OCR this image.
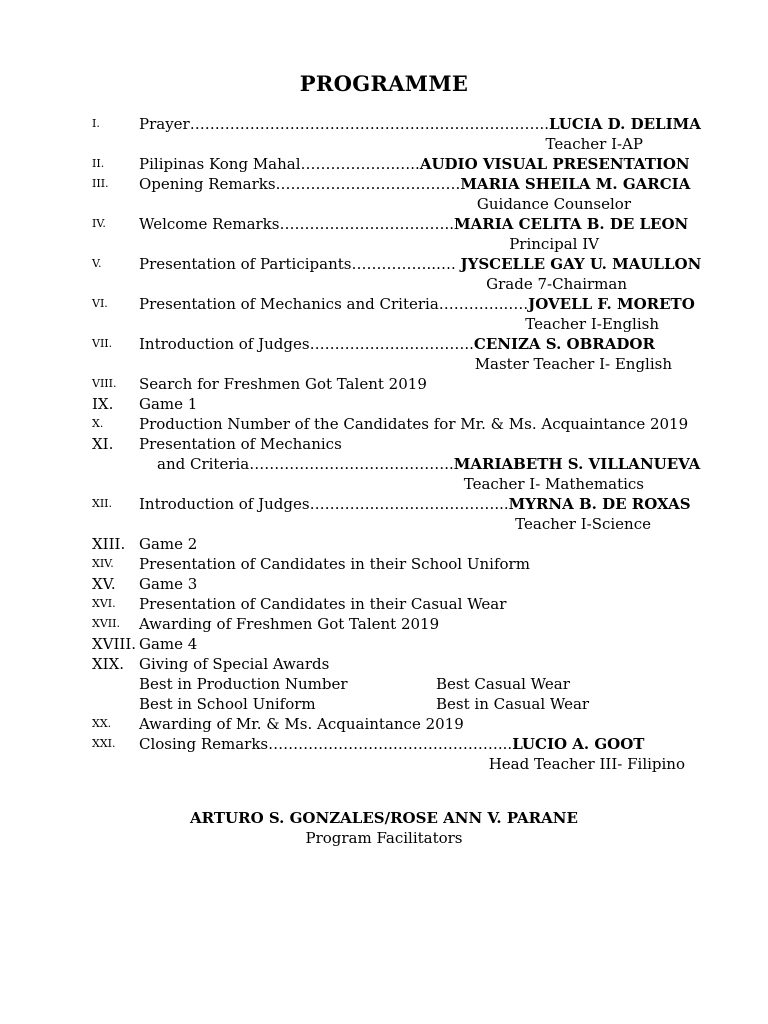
PROGRAMME
I.	Prayer………………………………………….…………………..LUCIA D. DELIMA
Teacher I-AP
II. Pilipinas Kong Mahal……………….…..AUDIO VISUAL PRESENTATION
III. Opening Remarks……………………………….MARIA SHEILA M. GARCIA
Guidance Counselor
IV. Welcome Remarks……………………………..MARIA CELITA B. DE LEON
Principal IV
V. Presentation of Participants……………..…. JYSCELLE GAY U. MAULLON
Grade 7-Chairman
VI. Presentation of Mechanics and Criteria…………..….JOVELL F. MORETO
Teacher I-English
VII. Introduction of Judges……………….…………..CENIZA S. OBRADOR
Master Teacher I- English
VIII. Search for Freshmen Got Talent 2019
IX. Game 1
X. Production Number of the Candidates for Mr. & Ms. Acquaintance 2019
XI. Presentation of Mechanics
and Criteria…………………………………..MARIABETH S. VILLANUEVA
Teacher I- Mathematics
XII. Introduction of Judges………….……………………...MYRNA B. DE ROXAS
Teacher I-Science
XIII. Game 2
XIV. Presentation of Candidates in their School Uniform
XV. Game 3
XVI. Presentation of Candidates in their Casual Wear
XVII. Awarding of Freshmen Got Talent 2019
XVIII. Game 4
XIX. Giving of Special Awards
Best in Production Number	Best Casual Wear
Best in School Uniform	Best in Casual Wear
XX. Awarding of Mr. & Ms. Acquaintance 2019
XXI. Closing Remarks…………………….…………………...LUCIO A. GOOT
Head Teacher III- Filipino
ARTURO S. GONZALES/ROSE ANN V. PARANE
Program Facilitators
